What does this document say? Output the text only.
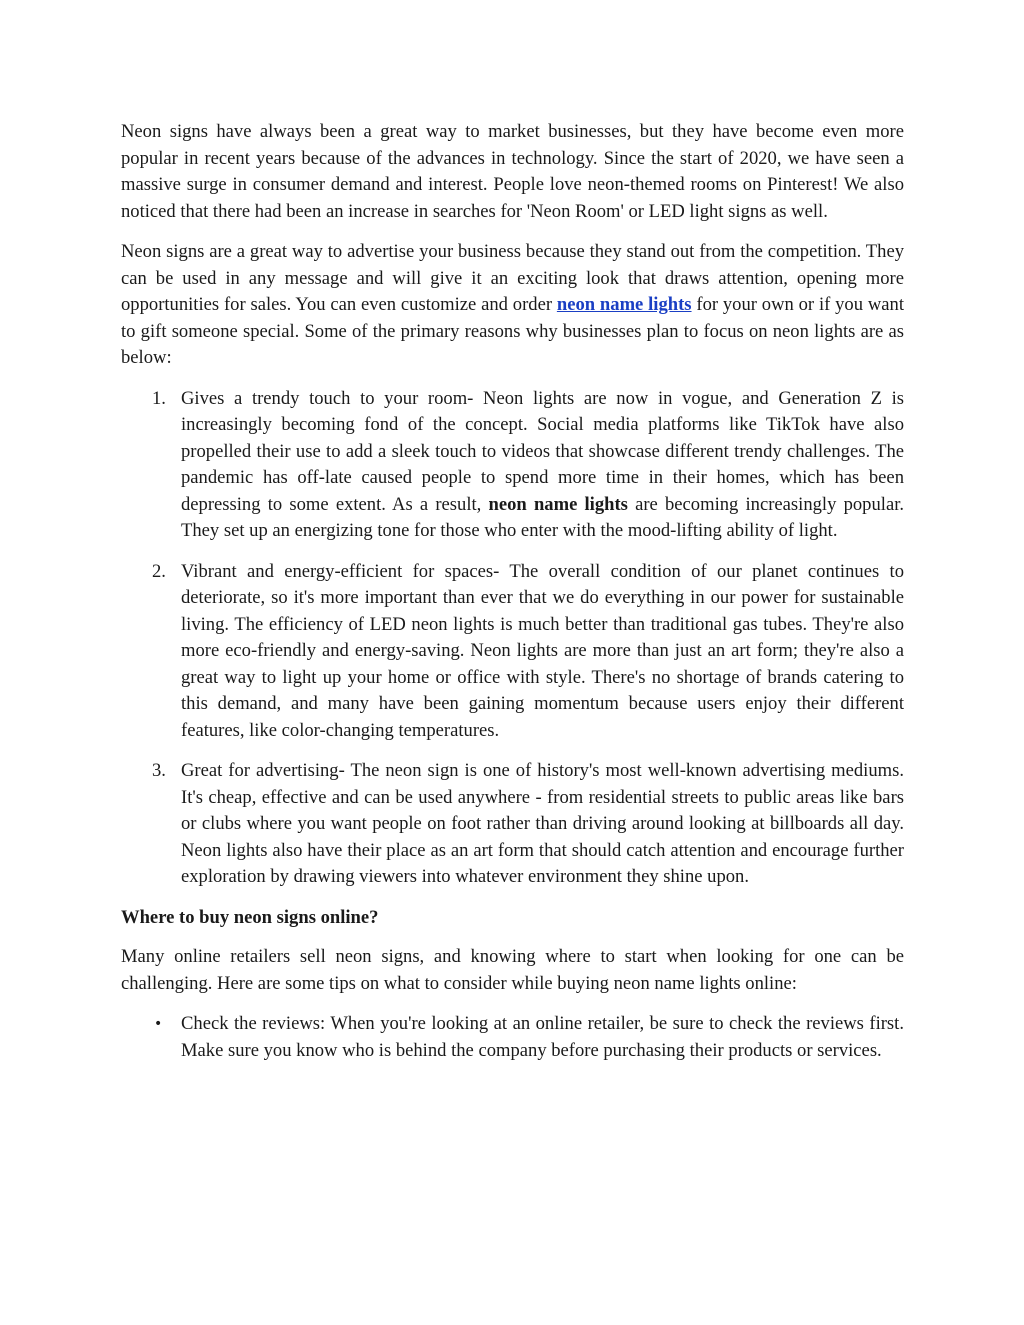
Neon signs have always been a great way to market businesses, but they have become even more popular in recent years because of the advances in technology. Since the start of 2020, we have seen a massive surge in consumer demand and interest. People love neon-themed rooms on Pinterest! We also noticed that there had been an increase in searches for 'Neon Room' or LED light signs as well.

Neon signs are a great way to advertise your business because they stand out from the competition. They can be used in any message and will give it an exciting look that draws attention, opening more opportunities for sales. You can even customize and order neon name lights for your own or if you want to gift someone special. Some of the primary reasons why businesses plan to focus on neon lights are as below:

1. Gives a trendy touch to your room- Neon lights are now in vogue, and Generation Z is increasingly becoming fond of the concept. Social media platforms like TikTok have also propelled their use to add a sleek touch to videos that showcase different trendy challenges. The pandemic has off-late caused people to spend more time in their homes, which has been depressing to some extent. As a result, neon name lights are becoming increasingly popular. They set up an energizing tone for those who enter with the mood-lifting ability of light.
2. Vibrant and energy-efficient for spaces- The overall condition of our planet continues to deteriorate, so it's more important than ever that we do everything in our power for sustainable living. The efficiency of LED neon lights is much better than traditional gas tubes. They're also more eco-friendly and energy-saving. Neon lights are more than just an art form; they're also a great way to light up your home or office with style. There's no shortage of brands catering to this demand, and many have been gaining momentum because users enjoy their different features, like color-changing temperatures.
3. Great for advertising- The neon sign is one of history's most well-known advertising mediums. It's cheap, effective and can be used anywhere - from residential streets to public areas like bars or clubs where you want people on foot rather than driving around looking at billboards all day. Neon lights also have their place as an art form that should catch attention and encourage further exploration by drawing viewers into whatever environment they shine upon.

Where to buy neon signs online?

Many online retailers sell neon signs, and knowing where to start when looking for one can be challenging. Here are some tips on what to consider while buying neon name lights online:

• Check the reviews: When you're looking at an online retailer, be sure to check the reviews first. Make sure you know who is behind the company before purchasing their products or services.
